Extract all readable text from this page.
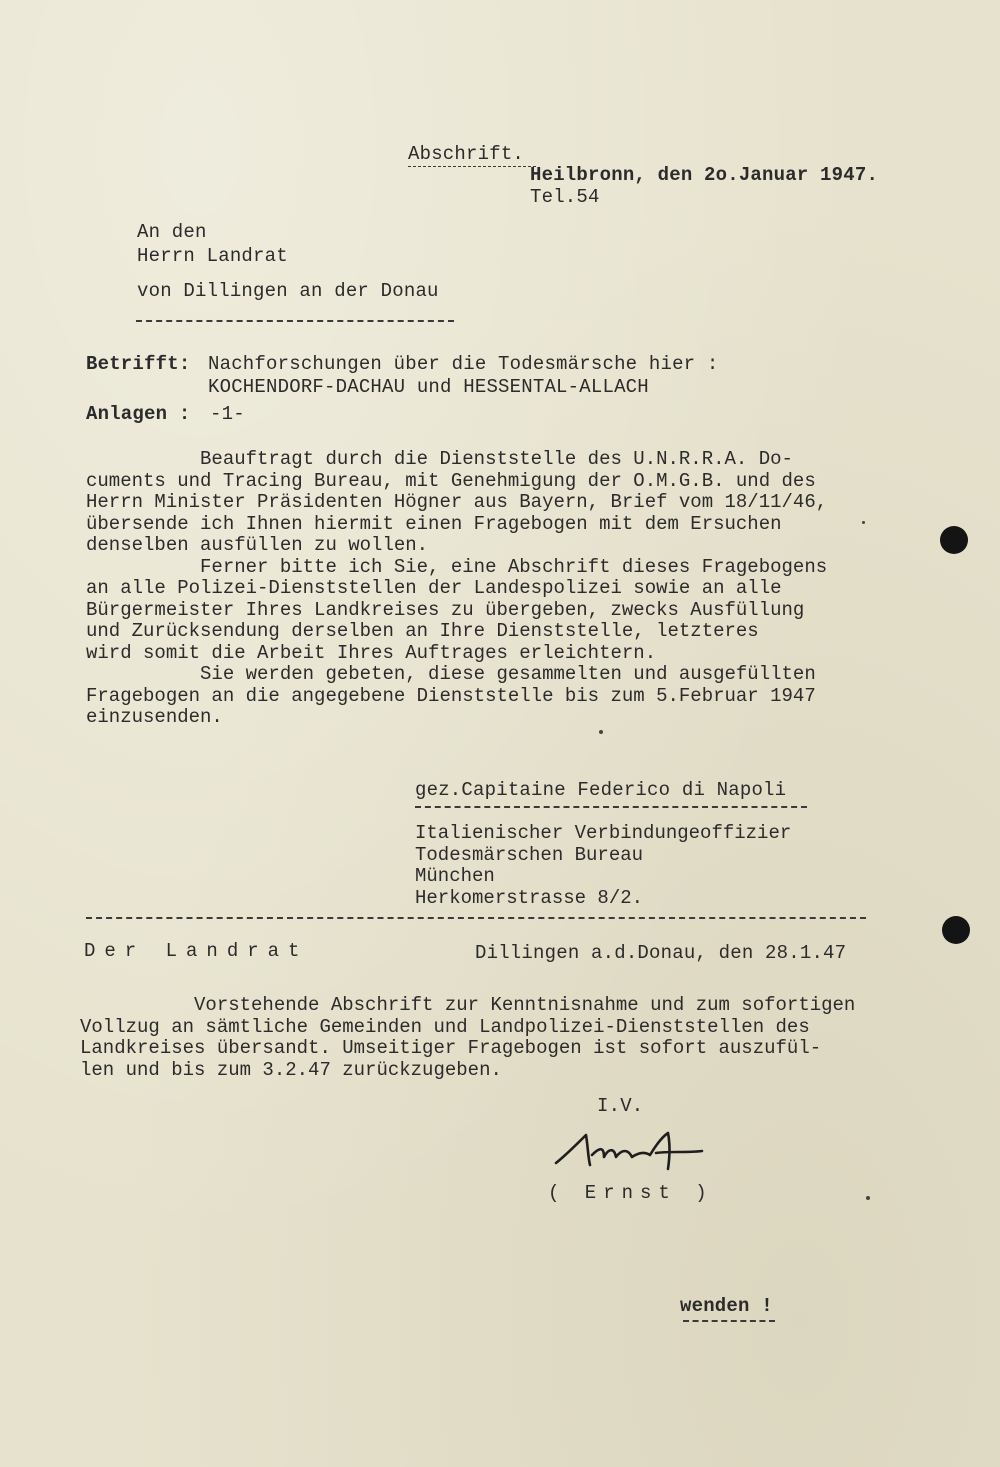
Abschrift.
Heilbronn, den 2o.Januar 1947.
Tel.54
An den
Herrn Landrat
von Dillingen an der Donau
Betrifft: Nachforschungen über die Todesmärsche hier :
KOCHENDORF-DACHAU und HESSENTAL-ALLACH
Anlagen : -1-
Beauftragt durch die Dienststelle des U.N.R.R.A. Do-
cuments und Tracing Bureau, mit Genehmigung der O.M.G.B. und des
Herrn Minister Präsidenten Högner aus Bayern, Brief vom 18/11/46,
übersende ich Ihnen hiermit einen Fragebogen mit dem Ersuchen
denselben ausfüllen zu wollen.
Ferner bitte ich Sie, eine Abschrift dieses Fragebogens
an alle Polizei-Dienststellen der Landespolizei sowie an alle
Bürgermeister Ihres Landkreises zu übergeben, zwecks Ausfüllung
und Zurücksendung derselben an Ihre Dienststelle, letzteres
wird somit die Arbeit Ihres Auftrages erleichtern.
Sie werden gebeten, diese gesammelten und ausgefüllten
Fragebogen an die angegebene Dienststelle bis zum 5.Februar 1947
einzusenden.
gez.Capitaine Federico di Napoli
Italienischer Verbindungeoffizier
Todesmärschen Bureau
München
Herkomerstrasse 8/2.
Der Landrat	Dillingen a.d.Donau, den 28.1.47
Vorstehende Abschrift zur Kenntnisnahme und zum sofortigen
Vollzug an sämtliche Gemeinden und Landpolizei-Dienststellen des
Landkreises übersandt. Umseitiger Fragebogen ist sofort auszufül-
len und bis zum 3.2.47 zurückzugeben.
I.V.
( Ernst )
wenden !
